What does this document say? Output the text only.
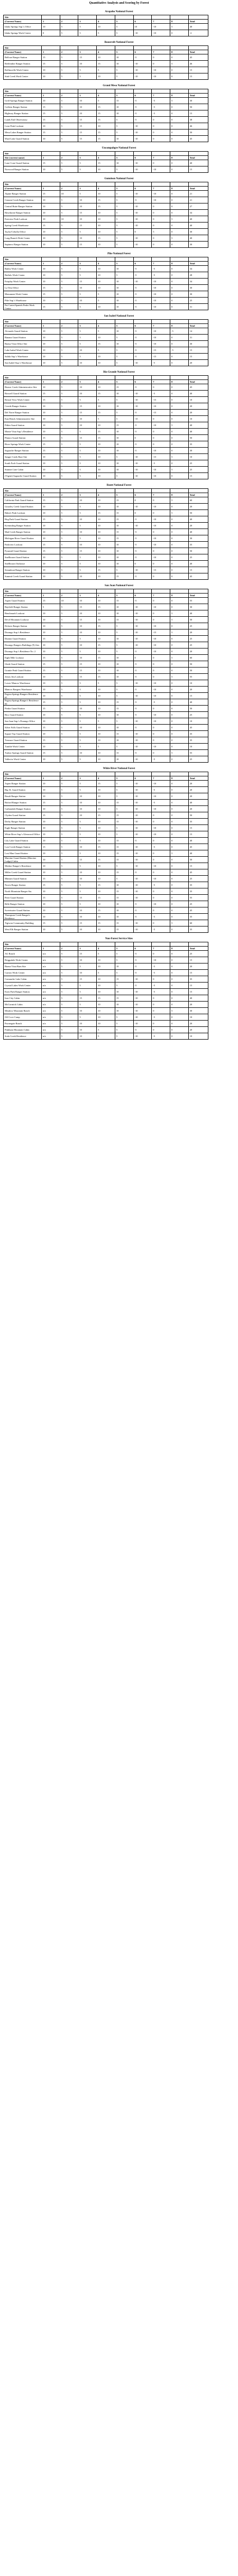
Quantitative Analysis and Scoring by Forest
Arapaho National Forest
Site									
(Current Name)	1	2	3	4	5	6	7	8	Total
Idaho Springs Sup.'s Office	10	5	5	10	5	10	-10	5	40
Idaho Springs Work Center	0	5	5	5	5	-10	-10	0	-2
Roosevelt National Forest
Site									
(Current Name)	1	2	3	4	5	6	7	8	Total
Bellvue Ranger Station	15	5	15	10	10	-5	0	0	45
Redfeather Ranger Station	15	5	10	15	10	-10	0	5	46
Rollinsville Work Center	10	5	5	5	5	-10	-10	0	15
Stub Creek Work Center	10	5	5	10	5	-10	-10	0	15
Grand Mesa National Forest
Site									
(Current Name)	1	2	3	4	5	6	7	8	Total
Gold Springs Ranger Station	10	5	10	5	15	-5	-5	5	30
Coffeen Ranger Station	15	5	10	15	10	-5	-5	0	50
Highway Ranger Station	15	5	10	15	10	-5	-5	0	15
Lands End Observatory	15	5	15	15	5	-5	0	0	38
Leon Peak Lookout	10	5	15	10	5	-10	0	0	46
Mesa Lakes Ranger Station	15	5	15	15	5	-10	0	0	50
Ward Lake Guard Station	10	5	15	15	10	-10	0	0	45
Uncompahgre National Forest
Site									
Site (current name)	1	2	3	4	5	6	7	8	Total
Lone Cone Guard Station	15	5	5	15	10	-10	0	0	40
Norwood Ranger Station	10	5	5	10	5	-10	-10	0	15
Gunnison National Forest
Site									
(Current Name)	1	2	3	4	5	6	7	8	Total
Alpine Ranger Station	15	10	5	10	5	-10	-10	0	21
Cement Creek Ranger Station	10	5	10	15	5	-5	-10	0	21
Central Butte Ranger Station	10	5	10	15	5	-10	0	0	27
Hawthorne Ranger Station	10	5	15	10	5	-10	0	0	34
Fairview Peak Lookout	10	10	10	10	5	-10	0	5	40
Spring Creek Warehouse	15	5	15	10	5	-10	0	0	40
Taylor/Cebolla Office	10	5	5	10	5	0	5	0	30
Long Branch Work Center	10	5	10	15	5	-10	0	5	40
Sapinero Ranger Station	10	5	15	10	5	-10	0	0	30
Pike National Forest
Site									
(Current Name)	1	2	3	4	5	6	7	8	Total
Bailey Work Center	10	5	5	10	10	-5	-5	0	34
Buffalo Work Center	10	5	5	10	5	-5	-5	0	28
Fairplay Work Center	10	5	15	10	10	-10	-10	0	34
La Veta Office	15	5	10	10	10	-5	-10	0	30
Monument Work Center	15	5	5	5	10	-5	-10	0	30
Pike Sup.'s Warehouse	10	5	10	5	10	-5	-10	0	25
Pat Carter/Spanish Peaks Work Center	15	5	5	10	10	-5	-10	0	31
San Isabel National Forest
Site									
(Current Name)	1	2	3	4	5	6	7	8	Total
Alvarado Guard Station	10	5	5	5	10	-5	-10	-5	14
Banana Guard Station	10	5	5	10	5	-5	-10	0	31
Buena Vista Office Site	10	5	5	15	10	-5	-10	0	30
Lake Isabel Work Center	10	5	10	5	5	-5	-15	-5	15
Salida Sup.'s Warehouse	10	5	5	10	5	-5	-15	0	15
San Isabel Sup.'s Warehouse	10	5	10	10	5	-10	-5	0	20
Rio Grande National Forest
Site									
(Current Name)	1	2	3	4	5	6	7	8	Total
Beaver Creek Administrative Site	10	5	10	10	15	-5	0	0	45
Boswell Guard Station	15	5	10	15	10	-10	-5	0	40
Bristol View Work Center	15	5	5	5	5	-10	-15	0	10
Creede Ranger Station	10	5	15	10	10	-10	-10	0	20
Del Norte Ranger Station	10	5	15	15	5	-5	-15	0	20
East Bench Administrative Site	10	5	10	5	5	-15	0	0	10
Pitkin Guard Station	10	5	10	10	15	-5	-10	5	40
Monte Vista Sup.'s Residence	10	5	5	15	10	-5	0	0	40
Platoro Guard Station	15	5	15	15	10	0	0	0	50
River Springs Work Center	15	5	5	10	10	-5	0	0	35
Saguache Ranger Station	15	5	5	10	10	-5	-10	0	30
Sangre Creek Bare Site	10	5	5	10	5	-10	-15	5	10
South Fork Guard Station	10	5	5	10	10	-10	-5	0	25
Stunner Line Cabin	10	5	5	10	10	-10	-10	5	25
(Vigent) Saguache Guard Station	10	5	5	10	5	-10	-10	0	15
Routt National Forest
Site									
(Current Name)	1	2	3	4	5	6	7	8	Total
California Park Guard Station	15	5	10	10	15	0	0	5	60
Grizzley Creek Guard Station	10	5	5	10	10	-10	-10	0	20
Hahn's Peak Lookout	10	5	5	15	15	0	0	5	50
Hog Park Guard Station	15	5	10	10	15	-5	-10	0	40
Kremmling Ranger Station	10	5	5	10	10	-10	-10	0	20
Mad Creek Ranger Station	10	5	10	10	15	-5	0	0	40
Michigan River Guard Station	10	5	5	10	15	-5	-10	0	30
Parkview Lookout	15	5	10	10	10	-5	-10	0	35
Pyramid Guard Station	15	5	15	10	10	-5	0	0	50
Snellbourn Guard Station	10	5	5	10	10	-5	-10	0	25
Snellbourn Outhouse	10	5	5	10	10	0	0	0	40
Steamboat Ranger Station	10	5	5	15	5	-10	-15	0	15
Summit Creek Guard Station	10	5	10	10	15	-5	0	0	45
San Juan National Forest
Site									
(Current Name)	1	2	3	4	5	6	7	8	Total
Aspen Guard Station	15	10	10	10	15	-5	0	0	55
Bayfield Ranger Station	5	5	15	15	10	-10	-10	0	30
Benchmark Lookout	10	5	10	10	10	-10	0	5	40
Devil Mountain Lookout	10	5	15	10	15	-10	0	5	50
Dolores Ranger Station	10	5	10	15	5	-10	-10	0	25
Durango Sup.'s Residence	10	5	10	10	5	-10	-15	5	20
Dunton Guard Station	15	5	5	10	10	-10	-10	0	25
Durango Rangers Buildings (9) Arts	10	5	10	15	5	-10	-10	0	25
Durango Sup.'s Residence No. 2	10	5	5	10	5	-5	-10	0	20
Eight Mile Lookout	15	5	10	15	10	0	0	5	60
Glade Guard Station	15	5	15	10	10	-5	0	0	50
Granite Peak Guard Station	15	5	15	10	10	-5	0	0	50
Jersey Jim Lookout	10	5	15	15	10	-5	0	5	55
Lower Mancos Warehouse	10	5	5	5	5	-10	-10	0	10
Mancos Rangers Warehouse	10	5	5	10	5	-5	-10	0	20
Pagosa Springs Rangers Residence #1	10	5	5	10	5	-10	-10	0	15
Pagosa Springs Ranger's Residence #2	15	5	5	10	15	-5	-5	0	40
Piedra Guard Station	15	5	10	10	15	-5	0	0	50
Rico Guard Station	10	5	5	10	10	-5	-10	0	25
San Juan Sup.'s Durango Office	10	5	5	5	5	-10	-10	0	10
Silver Falls Guard Station	15	5	10	10	10	-5	0	0	45
Square Top Guard Station	10	5	5	10	15	-10	0	0	35
Treasure Guard Station	15	5	5	10	10	-10	0	0	35
Tumble Work Center	10	5	5	5	5	-10	-10	0	10
Turkey Springs Guard Station	15	5	10	10	15	-5	0	5	55
Vallecito Work Center	10	5	5	10	10	-10	-5	0	25
White River National Forest
Site									
(Current Name)	1	2	3	4	5	6	7	8	Total
Aspen Ranger Station	10	5	5	15	5	-10	-10	0	20
Big 3L Guard Station	10	5	5	10	5	-10	-5	0	20
Basalt Ranger Station	10	5	10	10	5	-10	-10	0	20
Buford Ranger Station	15	5	10	10	15	-10	-5	0	40
Carbondale Ranger Station	10	5	10	10	5	-10	-10	0	20
Clyden Guard Station	15	5	10	15	15	-10	0	0	50
Derby Ranger Station	10	5	5	10	15	-10	0	0	35
Eagle Ranger Station	10	5	5	10	5	-10	-10	0	15
White River Sup.'s Glenwood Office	10	5	5	10	5	-10	-10	0	15
Lily Lake Guard Station	10	5	5	10	15	-5	0	0	40
Lost Creek Ranger Station	15	5	10	15	15	-10	-5	0	45
Lost Man Guard Station	10	5	5	10	15	-10	0	5	40
Marvine Guard Station (Marvine Lodge) Cabin	10	5	15	15	15	-10	0	0	50
Meeker Ranger's Residence	10	5	5	10	5	-10	-10	0	15
Miller Creek Guard Station	10	5	10	10	15	-5	0	0	45
Minturn Guard Station	15	5	10	10	5	-10	-10	0	25
Norris Ranger Station	15	5	5	15	10	-10	-5	0	35
North Mountain Ranger Sta.	10	5	5	10	15	-10	0	0	35
Peter Guard Station	15	5	15	15	15	-10	0	0	55
Rifle Ranger Station	10	5	5	10	10	-5	-10	0	25
Sweetwater Guard Station	10	5	10	15	10	-5	0	0	45
Thompson Creek Ranger's Residence	10	5	10	10	10	-5	-5	0	35
Tigiwon Community Building	15	5	15	15	15	-10	0	5	60
West Elk Ranger Station	10	5	10	10	15	-10	-5	0	35
Non-Forest Service Sites
Site									
(Current Name)	1	2	3	4	5	6	7	8	Total
AG Ranch	n/a	5	15	5	5	-5	0	0	25
Briggsdale Work Center	n/a	5	10	10	5	-5	-10	0	15
Buena Vista Barn Site	n/a	5	5	10	10	-5	-5	0	20
Carrizo Work Center	n/a	5	10	5	5	-5	-5	0	15
Comanche Lake Cabin	n/a	5	15	10	15	-10	0	0	35
Crystal Lakes Work Center	n/a	5	5	10	5	-5	-5	0	15
Estes Park Ranger Station	n/a	5	5	10	10	-10	-5	0	15
Iron City Cabin	n/a	5	15	15	15	-10	0	0	40
McCormick Cabin	n/a	5	5	10	10	-10	0	0	20
Meadow Mountain Ranch	n/a	5	10	10	10	-10	0	5	30
Off Cove Camp	n/a	5	5	10	5	-10	-5	0	10
Pawnegate Ranch	n/a	5	10	10	5	-10	0	0	20
Pinkham Mountain Cabin	n/a	5	10	5	5	-5	0	0	20
Soda Creek Residence	n/a	5	10	5	5	-10	-5	0	10
